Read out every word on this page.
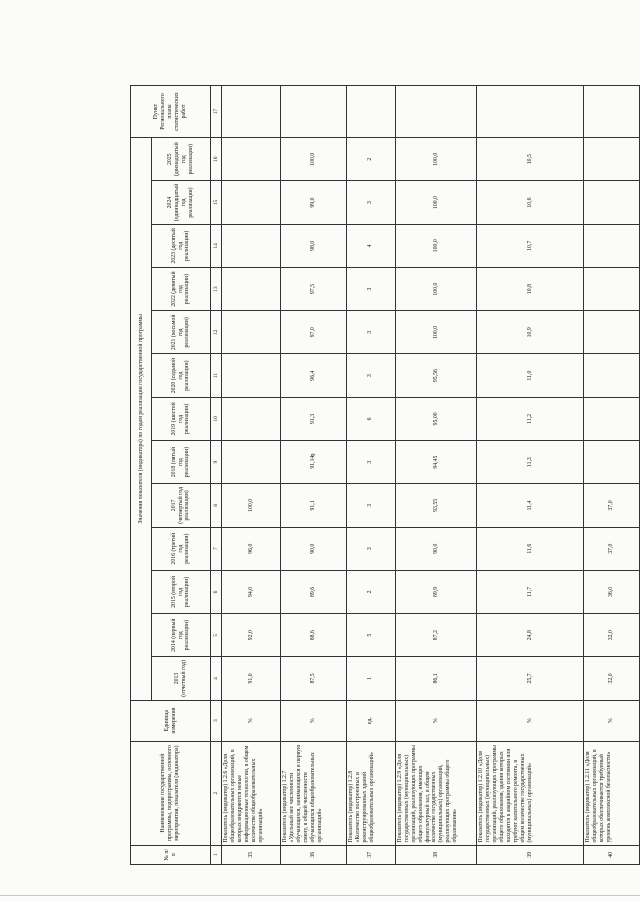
9
№ п/п	Наименование государственной программы, подпрограммы, основного мероприятия, показателя (индикатора)	Единица измерения	Значения показателя (индикатора) по годам реализации государственной программы													Пункт Регионального плана статистических работ
			2013 (отчетный год)	2014 (первый год реализации)	2015 (второй год реализации)	2016 (третий год реализации)	2017 (четвертый год реализации)	2018 (пятый год реализации)	2019 (шестой год реализации)	2020 (седьмой год реализации)	2021 (восьмой год реализации)	2022 (девятый год реализации)	2023 (десятый год реализации)	2024 (одиннадцатый год реализации)	2025 (двенадцатый год реализации)	
1	2	3	4	5	6	7	8	9	10	11	12	13	14	15	16	17
35	Показатель (индикатор) 1.2.6 «Доля общеобразовательных организаций, в которых внедряются новые информационные технологии, в общем количестве общеобразовательных организаций»	%	91,0	92,0	94,0	96,0	100,0									
36	Показатель (индикатор) 1.2.7 «Удельный вес численности обучающихся, занимающихся в первую смену, в общей численности обучающихся общеобразовательных организаций»	%	87,5	88,6	89,6	90,0	91,1	91,14	91,3	96,4	97,0	97,5	98,0	99,0	100,0	
37	Показатель (индикатор) 1.2.8 «Количество построенных и реконструированных зданий общеобразовательных организаций»	ед.	1	5	2	3	3	3	6	3	3	3	4	3	2	
38	Показатель (индикатор) 1.2.9 «Доля государственных (муниципальных) организаций, реализующих программы общего образования, имеющих физкультурный зал, в общем количестве государственных (муниципальных) организаций, реализующих программы общего образования»	%	86,1	87,2	89,9	90,0	93,55	94,45	95,00	95,56	100,0	100,0	100,0	100,0	100,0	
39	Показатель (индикатор) 1.2.10 «Доля государственных (муниципальных) организаций, реализующих программы общего образования, здания которых находятся в аварийном состоянии или требуют капитального ремонта, в общем количестве государственных (муниципальных) организаций»	%	25,7	24,8	11,7	11,6	11,4	11,3	11,2	11,0	10,9	10,8	10,7	10,6	10,5	
40	Показатель (индикатор) 1.2.11 «Доля общеобразовательных организаций, в которых обеспечивается требуемый уровень комплексной безопасности»	%	32,0	32,0	36,0	37,0	37,0									
